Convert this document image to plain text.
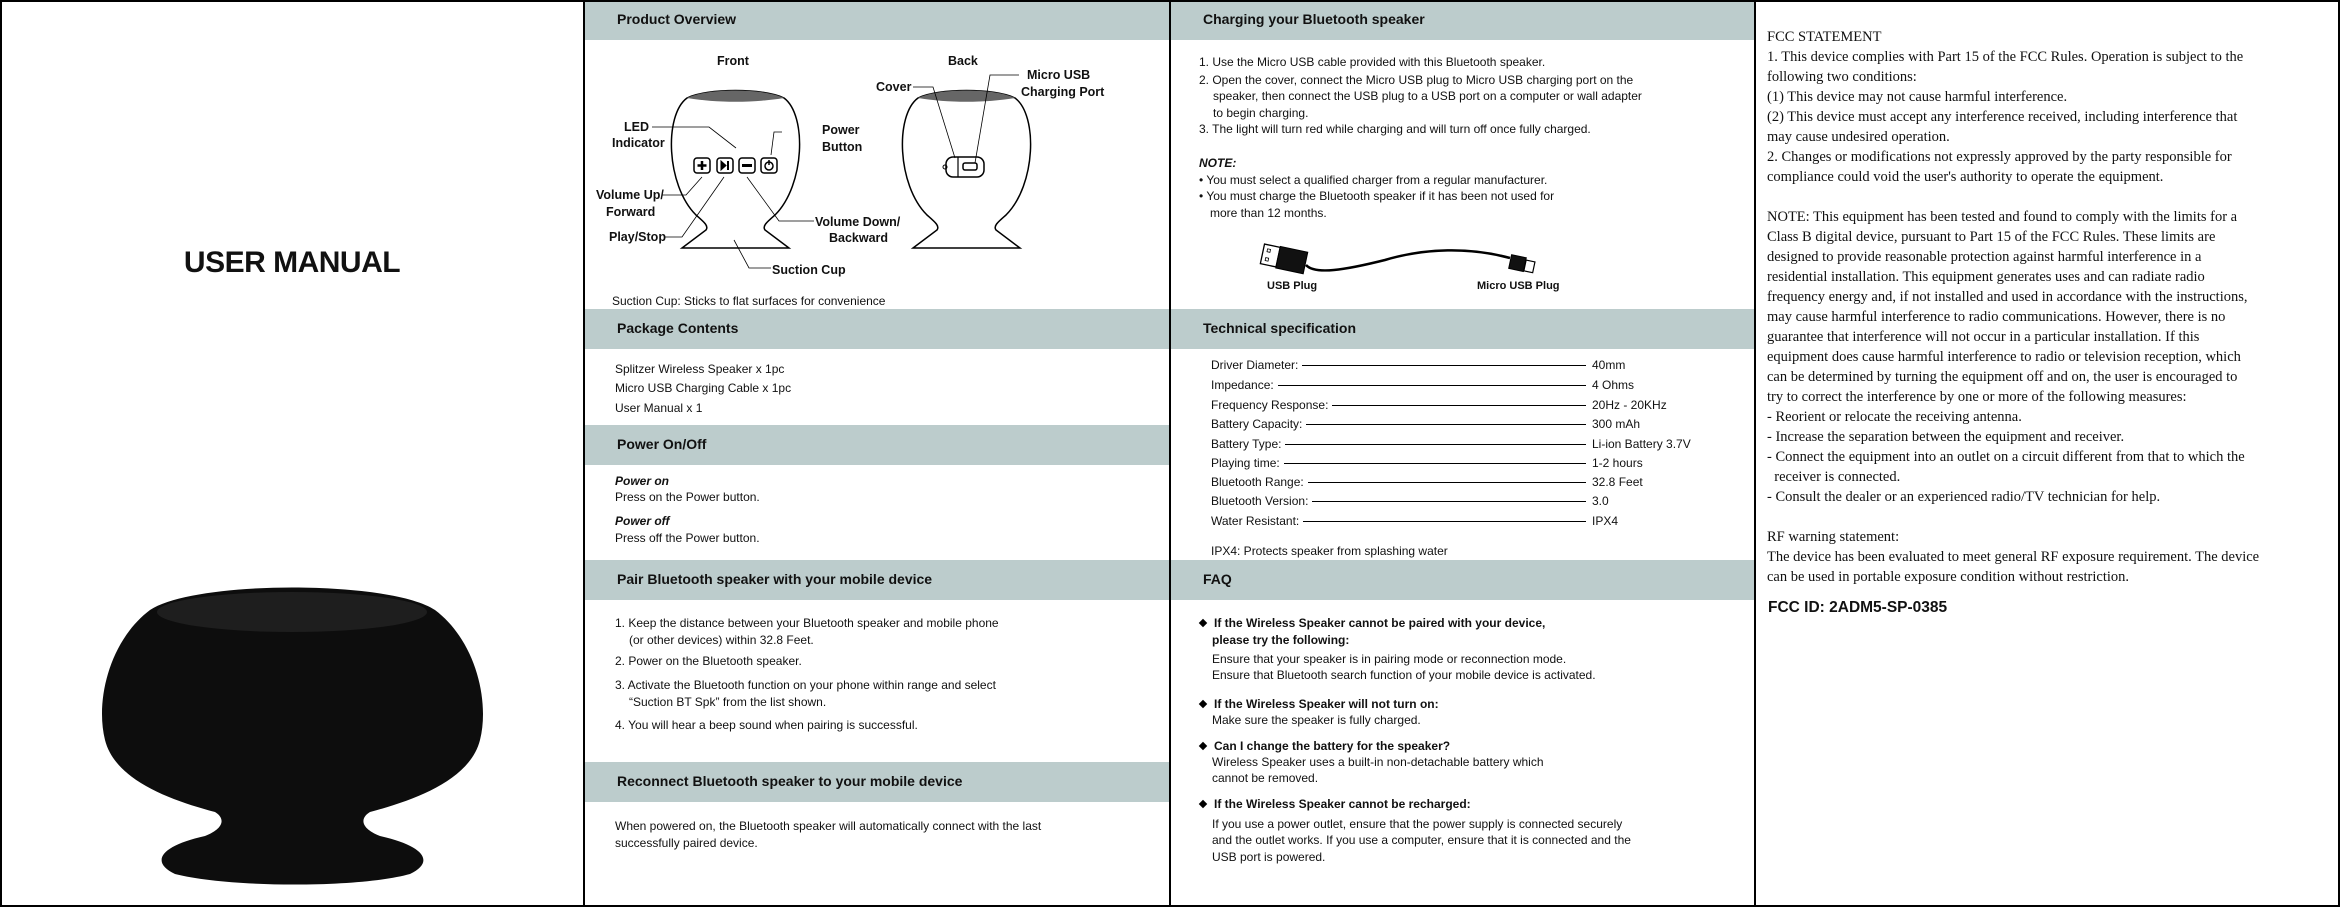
USER MANUAL
Product Overview
Front	Back
LED
Indicator
Power
Button
Volume Up/
Forward
Play/Stop
Volume Down/
Backward
Suction Cup
Cover
Micro USB
Charging Port
Suction Cup: Sticks to flat surfaces for convenience
Package Contents
Splitzer Wireless Speaker x 1pc
Micro USB Charging Cable x 1pc
User Manual x 1
Power On/Off
Power on
Press on the Power button.
Power off
Press off the Power button.
Pair Bluetooth speaker with your mobile device
1. Keep the distance between your Bluetooth speaker and mobile phone
(or other devices) within 32.8 Feet.
2. Power on the Bluetooth speaker.
3. Activate the Bluetooth function on your phone within range and select
“Suction BT Spk” from the list shown.
4. You will hear a beep sound when pairing is successful.
Reconnect Bluetooth speaker to your mobile device
When powered on, the Bluetooth speaker will automatically connect with the last
successfully paired device.
Charging your Bluetooth speaker
1. Use the Micro USB cable provided with this Bluetooth speaker.
2. Open the cover, connect the Micro USB plug to Micro USB charging port on the
speaker, then connect the USB plug to a USB port on a computer or wall adapter
to begin charging.
3. The light will turn red while charging and will turn off once fully charged.
NOTE:
• You must select a qualified charger from a regular manufacturer.
• You must charge the Bluetooth speaker if it has been not used for
more than 12 months.
USB Plug	Micro USB Plug
Technical specification
Driver Diameter:	40mm
Impedance:	4 Ohms
Frequency Response:	20Hz - 20KHz
Battery Capacity:	300 mAh
Battery Type:	Li-ion Battery 3.7V
Playing time:	1-2 hours
Bluetooth Range:	32.8 Feet
Bluetooth Version:	3.0
Water Resistant:	IPX4
IPX4: Protects speaker from splashing water
FAQ
If the Wireless Speaker cannot be paired with your device,
please try the following:
Ensure that your speaker is in pairing mode or reconnection mode.
Ensure that Bluetooth search function of your mobile device is activated.
If the Wireless Speaker will not turn on:
Make sure the speaker is fully charged.
Can I change the battery for the speaker?
Wireless Speaker uses a built-in non-detachable battery which
cannot be removed.
If the Wireless Speaker cannot be recharged:
If you use a power outlet, ensure that the power supply is connected securely
and the outlet works. If you use a computer, ensure that it is connected and the
USB port is powered.
FCC STATEMENT
1. This device complies with Part 15 of the FCC Rules. Operation is subject to the
following two conditions:
(1) This device may not cause harmful interference.
(2) This device must accept any interference received, including interference that
may cause undesired operation.
2. Changes or modifications not expressly approved by the party responsible for
compliance could void the user's authority to operate the equipment.
NOTE: This equipment has been tested and found to comply with the limits for a
Class B digital device, pursuant to Part 15 of the FCC Rules. These limits are
designed to provide reasonable protection against harmful interference in a
residential installation. This equipment generates uses and can radiate radio
frequency energy and, if not installed and used in accordance with the instructions,
may cause harmful interference to radio communications. However, there is no
guarantee that interference will not occur in a particular installation. If this
equipment does cause harmful interference to radio or television reception, which
can be determined by turning the equipment off and on, the user is encouraged to
try to correct the interference by one or more of the following measures:
- Reorient or relocate the receiving antenna.
- Increase the separation between the equipment and receiver.
- Connect the equipment into an outlet on a circuit different from that to which the
receiver is connected.
- Consult the dealer or an experienced radio/TV technician for help.
RF warning statement:
The device has been evaluated to meet general RF exposure requirement. The device
can be used in portable exposure condition without restriction.
FCC ID: 2ADM5-SP-0385
